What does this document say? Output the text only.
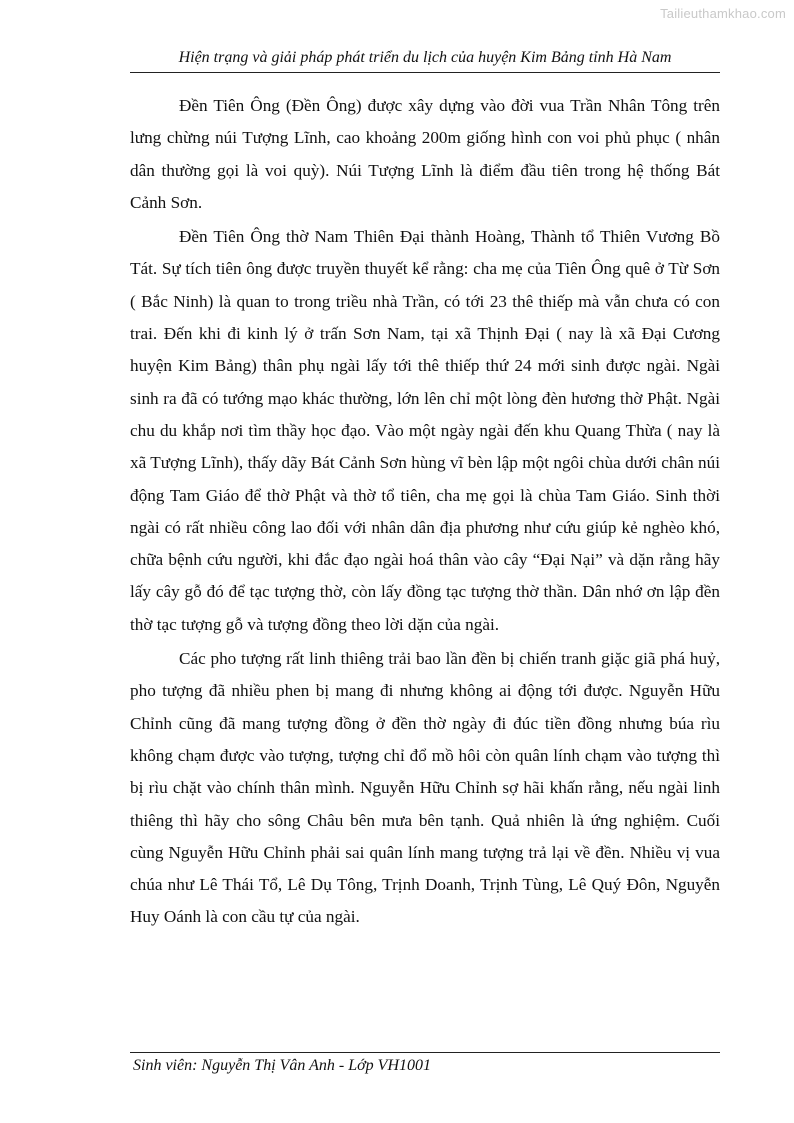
Tailieuthamkhao.com
Hiện trạng và giải pháp phát triển du lịch của huyện Kim Bảng tỉnh Hà Nam

Đền Tiên Ông (Đền Ông) được xây dựng vào đời vua Trần Nhân Tông trên lưng chừng núi Tượng Lĩnh, cao khoảng 200m giống hình con voi phủ phục ( nhân dân thường gọi là voi quỳ). Núi Tượng Lĩnh là điểm đầu tiên trong hệ thống Bát Cảnh Sơn.

Đền Tiên Ông thờ Nam Thiên Đại thành Hoàng, Thành tổ Thiên Vương Bồ Tát. Sự tích tiên ông được truyền thuyết kể rằng: cha mẹ của Tiên Ông quê ở Từ Sơn ( Bắc Ninh) là quan to trong triều nhà Trần, có tới 23 thê thiếp mà vẫn chưa có con trai. Đến khi đi kinh lý ở trấn Sơn Nam, tại xã Thịnh Đại ( nay là xã Đại Cương huyện Kim Bảng) thân phụ ngài lấy tới thê thiếp thứ 24 mới sinh được ngài. Ngài sinh ra đã có tướng mạo khác thường, lớn lên chỉ một lòng đèn hương thờ Phật. Ngài chu du khắp nơi tìm thầy học đạo. Vào một ngày ngài đến khu Quang Thừa ( nay là xã Tượng Lĩnh), thấy dãy Bát Cảnh Sơn hùng vĩ bèn lập một ngôi chùa dưới chân núi động Tam Giáo để thờ Phật và thờ tổ tiên, cha mẹ gọi là chùa Tam Giáo. Sinh thời ngài có rất nhiều công lao đối với nhân dân địa phương như cứu giúp kẻ nghèo khó, chữa bệnh cứu người, khi đắc đạo ngài hoá thân vào cây “Đại Nại” và dặn rằng hãy lấy cây gỗ đó để tạc tượng thờ, còn lấy đồng tạc tượng thờ thần. Dân nhớ ơn lập đền thờ tạc tượng gỗ và tượng đồng theo lời dặn của ngài.

Các pho tượng rất linh thiêng trải bao lần đền bị chiến tranh giặc giã phá huỷ, pho tượng đã nhiều phen bị mang đi nhưng không ai động tới được. Nguyễn Hữu Chỉnh cũng đã mang tượng đồng ở đền thờ ngày đi đúc tiền đồng nhưng búa rìu không chạm được vào tượng, tượng chỉ đổ mồ hôi còn quân lính chạm vào tượng thì bị rìu chặt vào chính thân mình. Nguyễn Hữu Chỉnh sợ hãi khấn rằng, nếu ngài linh thiêng thì hãy cho sông Châu bên mưa bên tạnh. Quả nhiên là ứng nghiệm. Cuối cùng Nguyễn Hữu Chỉnh phải sai quân lính mang tượng trả lại về đền. Nhiều vị vua chúa như Lê Thái Tổ, Lê Dụ Tông, Trịnh Doanh, Trịnh Tùng, Lê Quý Đôn, Nguyễn Huy Oánh là con cầu tự của ngài.

Sinh viên: Nguyễn Thị Vân Anh - Lớp VH1001
